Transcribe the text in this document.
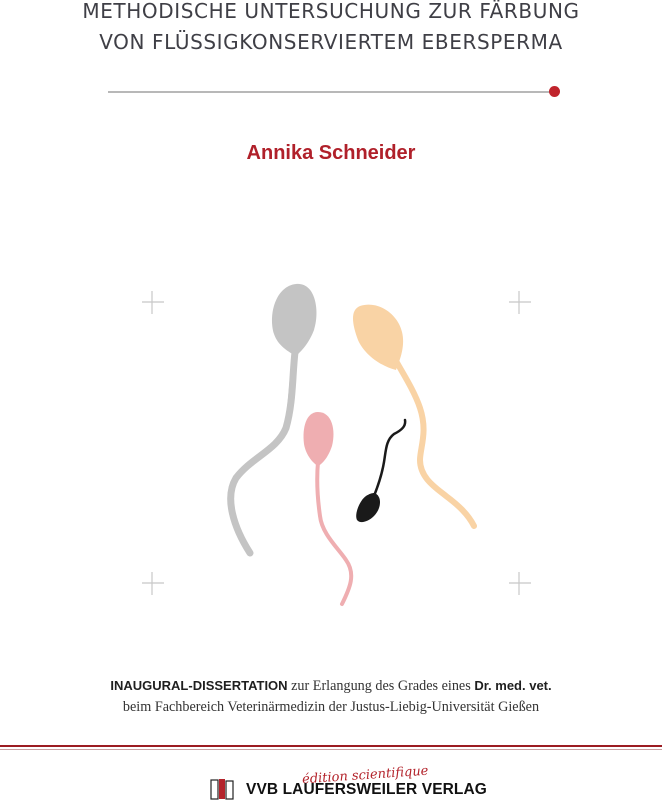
METHODISCHE UNTERSUCHUNG ZUR FÄRBUNG
VON FLÜSSIGKONSERVIERTEM EBERSPERMA
Annika Schneider
INAUGURAL-DISSERTATION zur Erlangung des Grades eines Dr. med. vet.
beim Fachbereich Veterinärmedizin der Justus-Liebig-Universität Gießen
édition scientifique
VVB LAUFERSWEILER VERLAG
